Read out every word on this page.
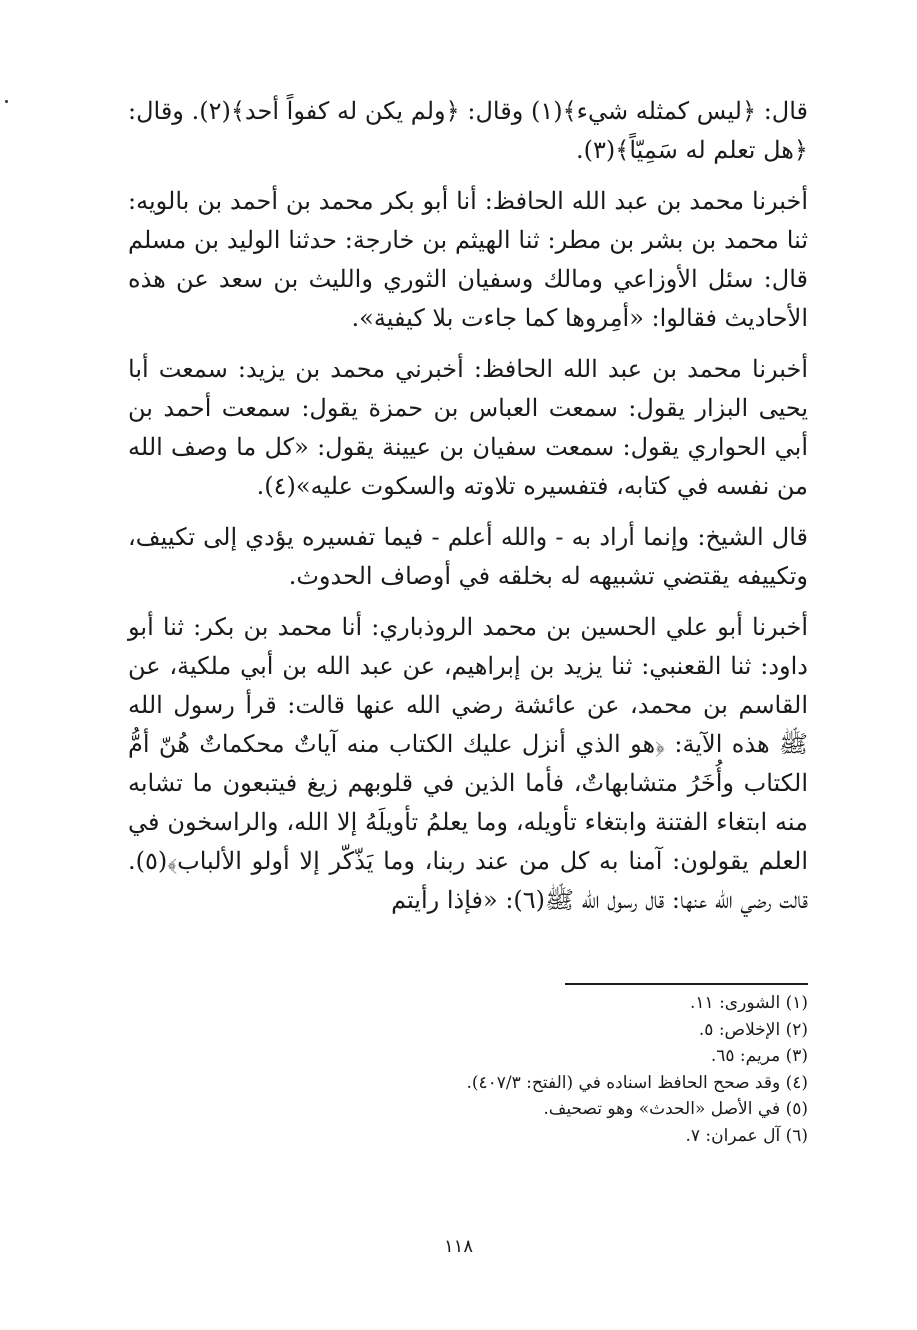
قال: ﴿ليس كمثله شيء﴾(١) وقال: ﴿ولم يكن له كفواً أحد﴾(٢). وقال: ﴿هل تعلم له سَمِيّاً﴾(٣).

أخبرنا محمد بن عبد الله الحافظ: أنا أبو بكر محمد بن أحمد بن بالويه: ثنا محمد بن بشر بن مطر: ثنا الهيثم بن خارجة: حدثنا الوليد بن مسلم قال: سئل الأوزاعي ومالك وسفيان الثوري والليث بن سعد عن هذه الأحاديث فقالوا: «أمِروها كما جاءت بلا كيفية».

أخبرنا محمد بن عبد الله الحافظ: أخبرني محمد بن يزيد: سمعت أبا يحيى البزار يقول: سمعت العباس بن حمزة يقول: سمعت أحمد بن أبي الحواري يقول: سمعت سفيان بن عيينة يقول: «كل ما وصف الله من نفسه في كتابه، فتفسيره تلاوته والسكوت عليه»(٤).

قال الشيخ: وإنما أراد به - والله أعلم - فيما تفسيره يؤدي إلى تكييف، وتكييفه يقتضي تشبيهه له بخلقه في أوصاف الحدوث.

أخبرنا أبو علي الحسين بن محمد الروذباري: أنا محمد بن بكر: ثنا أبو داود: ثنا القعنبي: ثنا يزيد بن إبراهيم، عن عبد الله بن أبي ملكية، عن القاسم بن محمد، عن عائشة رضي الله عنها قالت: قرأ رسول الله ﷺ هذه الآية: ﴿هو الذي أنزل عليك الكتاب منه آياتٌ محكماتٌ هُنّ أمُّ الكتاب وأُخَرُ متشابهاتٌ، فأما الذين في قلوبهم زيغ فيتبعون ما تشابه منه ابتغاء الفتنة وابتغاء تأويله، وما يعلمُ تأويلَهُ إلا الله، والراسخون في العلم يقولون: آمنا به كل من عند ربنا، وما يَذّكّر إلا أولو الألباب﴾(٥). قالت رضي الله عنها: قال رسول الله ﷺ(٦): «فإذا رأيتم

(١) الشورى: ١١.

(٢) الإخلاص: ٥.

(٣) مريم: ٦٥.

(٤) وقد صحح الحافظ اسناده في (الفتح: ٤٠٧/٣).

(٥) في الأصل «الحدث» وهو تصحيف.

(٦) آل عمران: ٧.

١١٨
